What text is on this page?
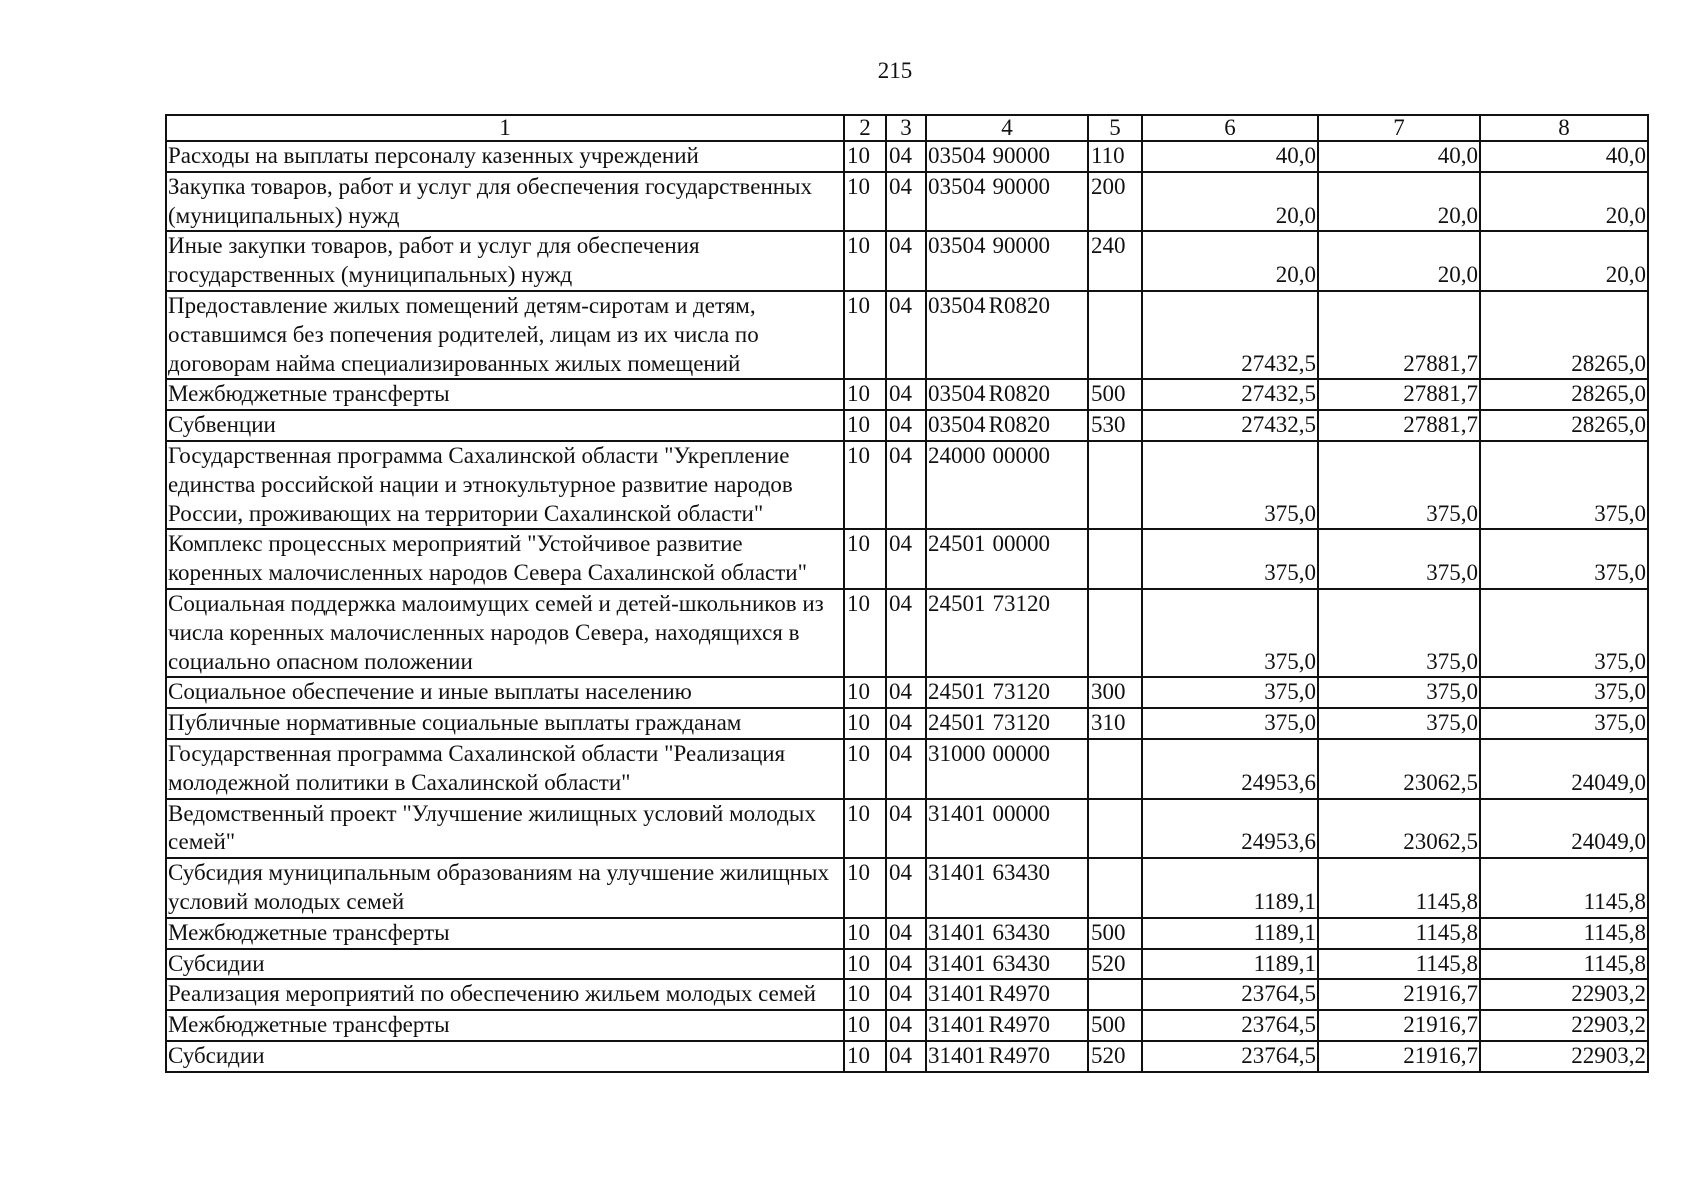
215
1	2	3	4	5	6	7	8
Расходы на выплаты персоналу казенных учреждений	10	04	03504 90000	110	40,0	40,0	40,0
Закупка товаров, работ и услуг для обеспечения государственных (муниципальных) нужд	10	04	03504 90000	200	20,0	20,0	20,0
Иные закупки товаров, работ и услуг для обеспечения государственных (муниципальных) нужд	10	04	03504 90000	240	20,0	20,0	20,0
Предоставление жилых помещений детям-сиротам и детям, оставшимся без попечения родителей, лицам из их числа по договорам найма специализированных жилых помещений	10	04	03504 R0820		27432,5	27881,7	28265,0
Межбюджетные трансферты	10	04	03504 R0820	500	27432,5	27881,7	28265,0
Субвенции	10	04	03504 R0820	530	27432,5	27881,7	28265,0
Государственная программа Сахалинской области "Укрепление единства российской нации и этнокультурное развитие народов России, проживающих на территории Сахалинской области"	10	04	24000 00000		375,0	375,0	375,0
Комплекс процессных мероприятий "Устойчивое развитие коренных малочисленных народов Севера Сахалинской области"	10	04	24501 00000		375,0	375,0	375,0
Социальная поддержка малоимущих семей и детей-школьников из числа коренных малочисленных народов Севера, находящихся в социально опасном положении	10	04	24501 73120		375,0	375,0	375,0
Социальное обеспечение и иные выплаты населению	10	04	24501 73120	300	375,0	375,0	375,0
Публичные нормативные социальные выплаты гражданам	10	04	24501 73120	310	375,0	375,0	375,0
Государственная программа Сахалинской области "Реализация молодежной политики в Сахалинской области"	10	04	31000 00000		24953,6	23062,5	24049,0
Ведомственный проект "Улучшение жилищных условий молодых семей"	10	04	31401 00000		24953,6	23062,5	24049,0
Субсидия муниципальным образованиям на улучшение жилищных условий молодых семей	10	04	31401 63430		1189,1	1145,8	1145,8
Межбюджетные трансферты	10	04	31401 63430	500	1189,1	1145,8	1145,8
Субсидии	10	04	31401 63430	520	1189,1	1145,8	1145,8
Реализация мероприятий по обеспечению жильем молодых семей	10	04	31401 R4970		23764,5	21916,7	22903,2
Межбюджетные трансферты	10	04	31401 R4970	500	23764,5	21916,7	22903,2
Субсидии	10	04	31401 R4970	520	23764,5	21916,7	22903,2
